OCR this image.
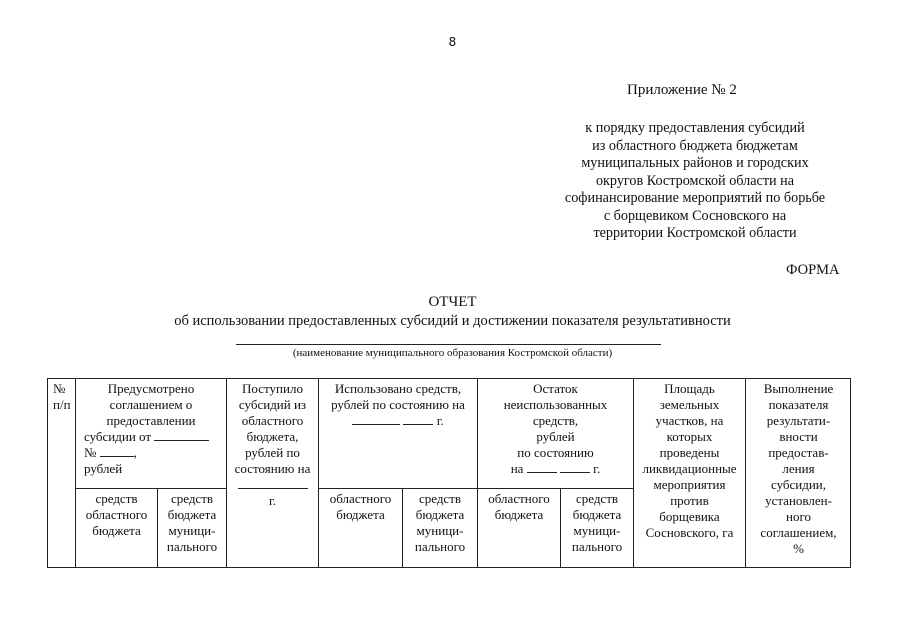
8
Приложение № 2
к порядку предоставления субсидий
из областного бюджета бюджетам
муниципальных районов и городских
округов Костромской области на
софинансирование мероприятий по борьбе
с борщевиком Сосновского на
территории Костромской области
ФОРМА
ОТЧЕТ
об использовании предоставленных субсидий и достижении показателя результативности
(наименование муниципального образования Костромской области)
№
п/п
Предусмотрено
соглашением о
предоставлении
субсидии от
№	,
рублей
средств
областного
бюджета
средств
бюджета
муници-
пального
Поступило
субсидий из
областного
бюджета,
рублей по
состоянию на
г.
Использовано средств,
рублей по состоянию на
г.
областного
бюджета
средств
бюджета
муници-
пального
Остаток
неиспользованных
средств,
рублей
по состоянию
на	г.
областного
бюджета
средств
бюджета
муници-
пального
Площадь
земельных
участков, на
которых
проведены
ликвидационные
мероприятия
против
борщевика
Сосновского, га
Выполнение
показателя
результати-
вности
предостав-
ления
субсидии,
установлен-
ного
соглашением,
%
